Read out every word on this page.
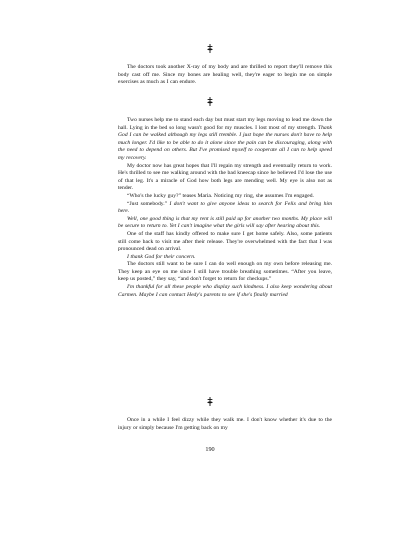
The doctors took another X-ray of my body and are thrilled to report they'll remove this body cast off me. Since my bones are healing well, they're eager to begin me on simple exercises as much as I can endure.

Two nurses help me to stand each day but must start my legs moving to lead me down the hall. Lying in the bed so long wasn't good for my muscles. I lost most of my strength. Thank God I can be walked although my legs still tremble. I just hope the nurses don't have to help much longer. I'd like to be able to do it alone since the pain can be discouraging, along with the need to depend on others. But I've promised myself to cooperate all I can to help speed my recovery.

My doctor now has great hopes that I'll regain my strength and eventually return to work. He's thrilled to see me walking around with the bad kneecap since he believed I'd lose the use of that leg. It's a miracle of God how both legs are mending well. My eye is also not as tender.

“Who's the lucky guy?” teases Maria. Noticing my ring, she assumes I'm engaged.

“Just somebody.” I don't want to give anyone ideas to search for Felix and bring him here.

Well, one good thing is that my rent is still paid up for another two months. My place will be secure to return to. Yet I can't imagine what the girls will say after hearing about this.

One of the staff has kindly offered to make sure I get home safely. Also, some patients still come back to visit me after their release. They're overwhelmed with the fact that I was pronounced dead on arrival.

I thank God for their concern.

The doctors still want to be sure I can do well enough on my own before releasing me. They keep an eye on me since I still have trouble breathing sometimes. “After you leave, keep us posted,” they say, “and don't forget to return for checkups.”

I'm thankful for all these people who display such kindness. I also keep wondering about Carmen. Maybe I can contact Hedy's parents to see if she's finally married

Once in a while I feel dizzy while they walk me. I don't know whether it's due to the injury or simply because I'm getting back on my

190
